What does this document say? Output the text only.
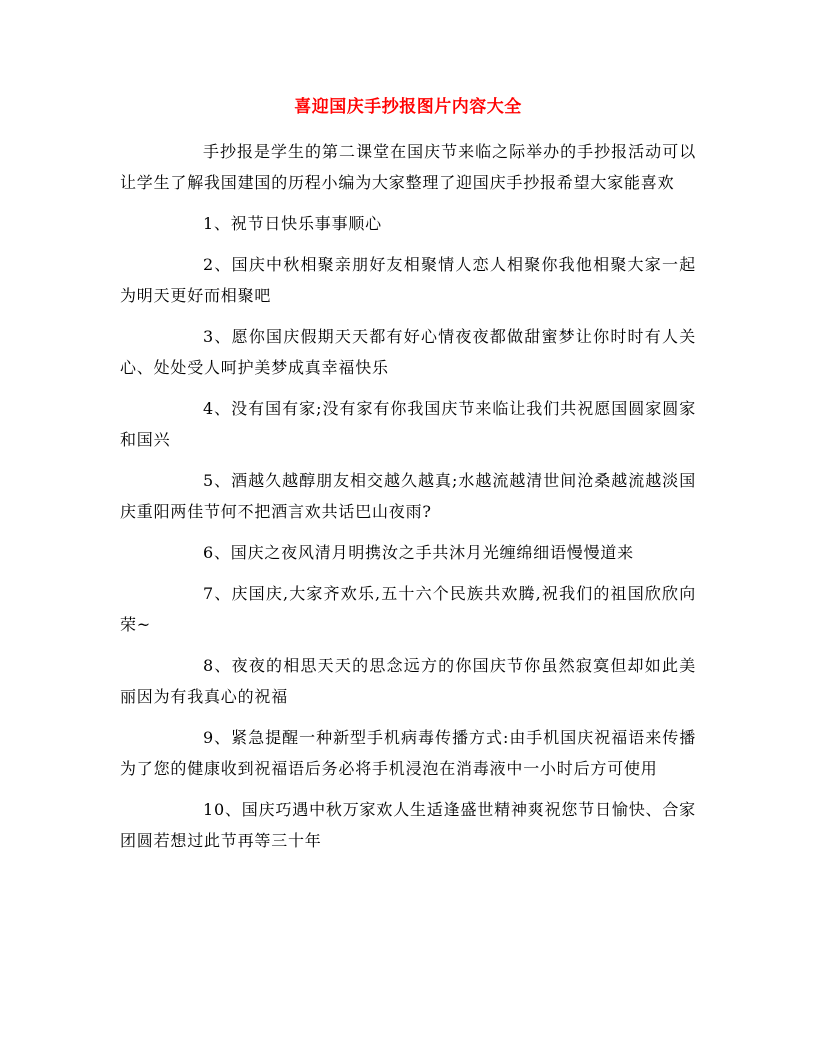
喜迎国庆手抄报图片内容大全

手抄报是学生的第二课堂在国庆节来临之际举办的手抄报活动可以让学生了解我国建国的历程小编为大家整理了迎国庆手抄报希望大家能喜欢

1、祝节日快乐事事顺心

2、国庆中秋相聚亲朋好友相聚情人恋人相聚你我他相聚大家一起为明天更好而相聚吧

3、愿你国庆假期天天都有好心情夜夜都做甜蜜梦让你时时有人关心、处处受人呵护美梦成真幸福快乐

4、没有国有家;没有家有你我国庆节来临让我们共祝愿国圆家圆家和国兴

5、酒越久越醇朋友相交越久越真;水越流越清世间沧桑越流越淡国庆重阳两佳节何不把酒言欢共话巴山夜雨?

6、国庆之夜风清月明携汝之手共沐月光缠绵细语慢慢道来

7、庆国庆,大家齐欢乐,五十六个民族共欢腾,祝我们的祖国欣欣向荣~

8、夜夜的相思天天的思念远方的你国庆节你虽然寂寞但却如此美丽因为有我真心的祝福

9、紧急提醒一种新型手机病毒传播方式:由手机国庆祝福语来传播为了您的健康收到祝福语后务必将手机浸泡在消毒液中一小时后方可使用

10、国庆巧遇中秋万家欢人生适逢盛世精神爽祝您节日愉快、合家团圆若想过此节再等三十年
